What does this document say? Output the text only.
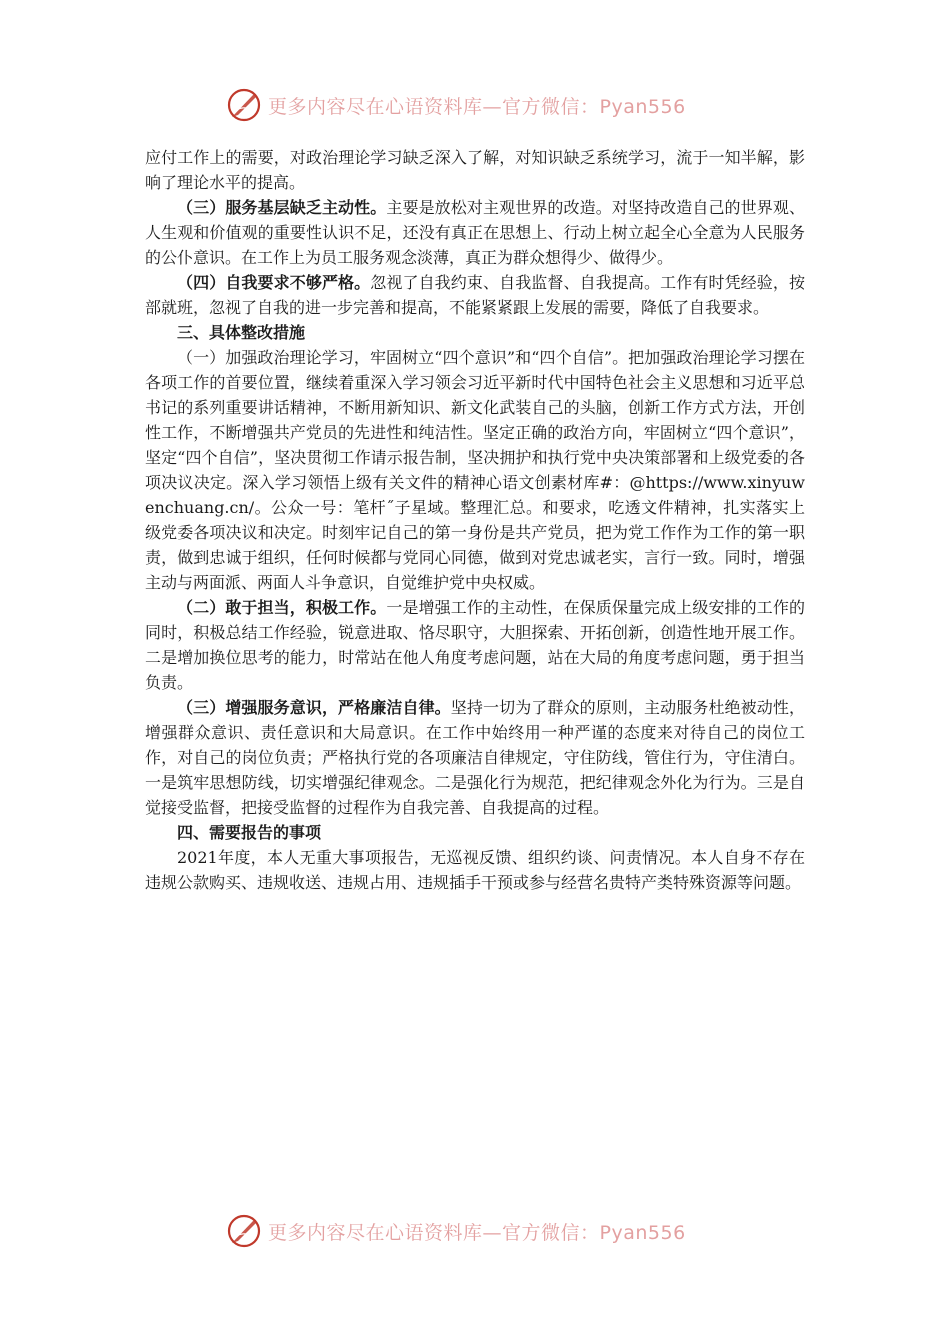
更多内容尽在心语资料库—官方微信：Pyan556

应付工作上的需要，对政治理论学习缺乏深入了解，对知识缺乏系统学习，流于一知半解，影响了理论水平的提高。

（三）服务基层缺乏主动性。主要是放松对主观世界的改造。对坚持改造自己的世界观、人生观和价值观的重要性认识不足，还没有真正在思想上、行动上树立起全心全意为人民服务的公仆意识。在工作上为员工服务观念淡薄，真正为群众想得少、做得少。

（四）自我要求不够严格。忽视了自我约束、自我监督、自我提高。工作有时凭经验，按部就班，忽视了自我的进一步完善和提高，不能紧紧跟上发展的需要，降低了自我要求。

三、具体整改措施

（一）加强政治理论学习，牢固树立“四个意识”和“四个自信”。把加强政治理论学习摆在各项工作的首要位置，继续着重深入学习领会习近平新时代中国特色社会主义思想和习近平总书记的系列重要讲话精神，不断用新知识、新文化武装自己的头脑，创新工作方式方法，开创性工作，不断增强共产党员的先进性和纯洁性。坚定正确的政治方向，牢固树立“四个意识”，坚定“四个自信”，坚决贯彻工作请示报告制，坚决拥护和执行党中央决策部署和上级党委的各项决议决定。深入学习领悟上级有关文件的精神心语文创素材库#：@https://www.xinyuwenchuang.cn/。公众一号：笔杆˝子星域。整理汇总。和要求，吃透文件精神，扎实落实上级党委各项决议和决定。时刻牢记自己的第一身份是共产党员，把为党工作作为工作的第一职责，做到忠诚于组织，任何时候都与党同心同德，做到对党忠诚老实，言行一致。同时，增强主动与两面派、两面人斗争意识，自觉维护党中央权威。

（二）敢于担当，积极工作。一是增强工作的主动性，在保质保量完成上级安排的工作的同时，积极总结工作经验，锐意进取、恪尽职守，大胆探索、开拓创新，创造性地开展工作。二是增加换位思考的能力，时常站在他人角度考虑问题，站在大局的角度考虑问题，勇于担当负责。

（三）增强服务意识，严格廉洁自律。坚持一切为了群众的原则，主动服务杜绝被动性，增强群众意识、责任意识和大局意识。在工作中始终用一种严谨的态度来对待自己的岗位工作，对自己的岗位负责；严格执行党的各项廉洁自律规定，守住防线，管住行为，守住清白。一是筑牢思想防线，切实增强纪律观念。二是强化行为规范，把纪律观念外化为行为。三是自觉接受监督，把接受监督的过程作为自我完善、自我提高的过程。

四、需要报告的事项

2021年度，本人无重大事项报告，无巡视反馈、组织约谈、问责情况。本人自身不存在违规公款购买、违规收送、违规占用、违规插手干预或参与经营名贵特产类特殊资源等问题。

更多内容尽在心语资料库—官方微信：Pyan556
